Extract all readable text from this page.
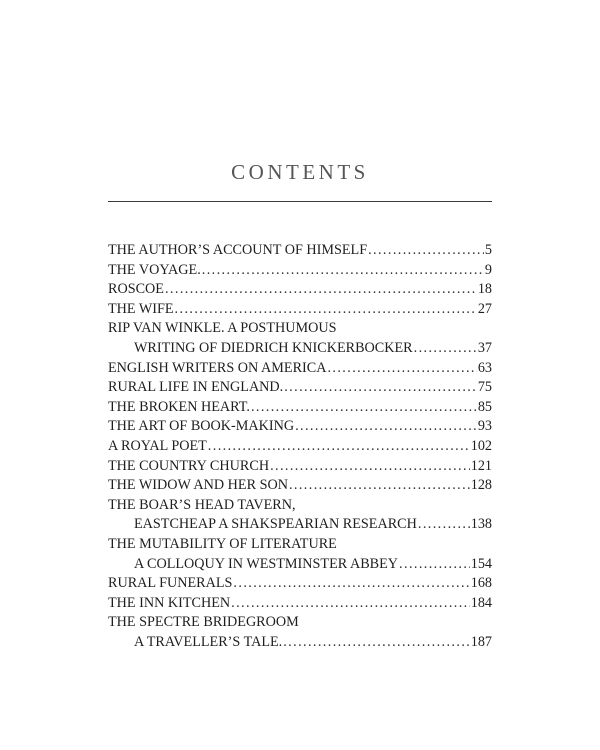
CONTENTS
THE AUTHOR’S ACCOUNT OF HIMSELF .....	5
THE VOYAGE. .....	9
ROSCOE .....	18
THE WIFE .....	27
RIP VAN WINKLE. A POSTHUMOUS
WRITING OF DIEDRICH KNICKERBOCKER .....	37
ENGLISH WRITERS ON AMERICA .....	63
RURAL LIFE IN ENGLAND. .....	75
THE BROKEN HEART. .....	85
THE ART OF BOOK-MAKING .....	93
A ROYAL POET .....	102
THE COUNTRY CHURCH .....	121
THE WIDOW AND HER SON .....	128
THE BOAR’S HEAD TAVERN,
EASTCHEAP A SHAKSPEARIAN RESEARCH .....	138
THE MUTABILITY OF LITERATURE
A COLLOQUY IN WESTMINSTER ABBEY .....	154
RURAL FUNERALS .....	168
THE INN KITCHEN .....	184
THE SPECTRE BRIDEGROOM
A TRAVELLER’S TALE. .....	187
